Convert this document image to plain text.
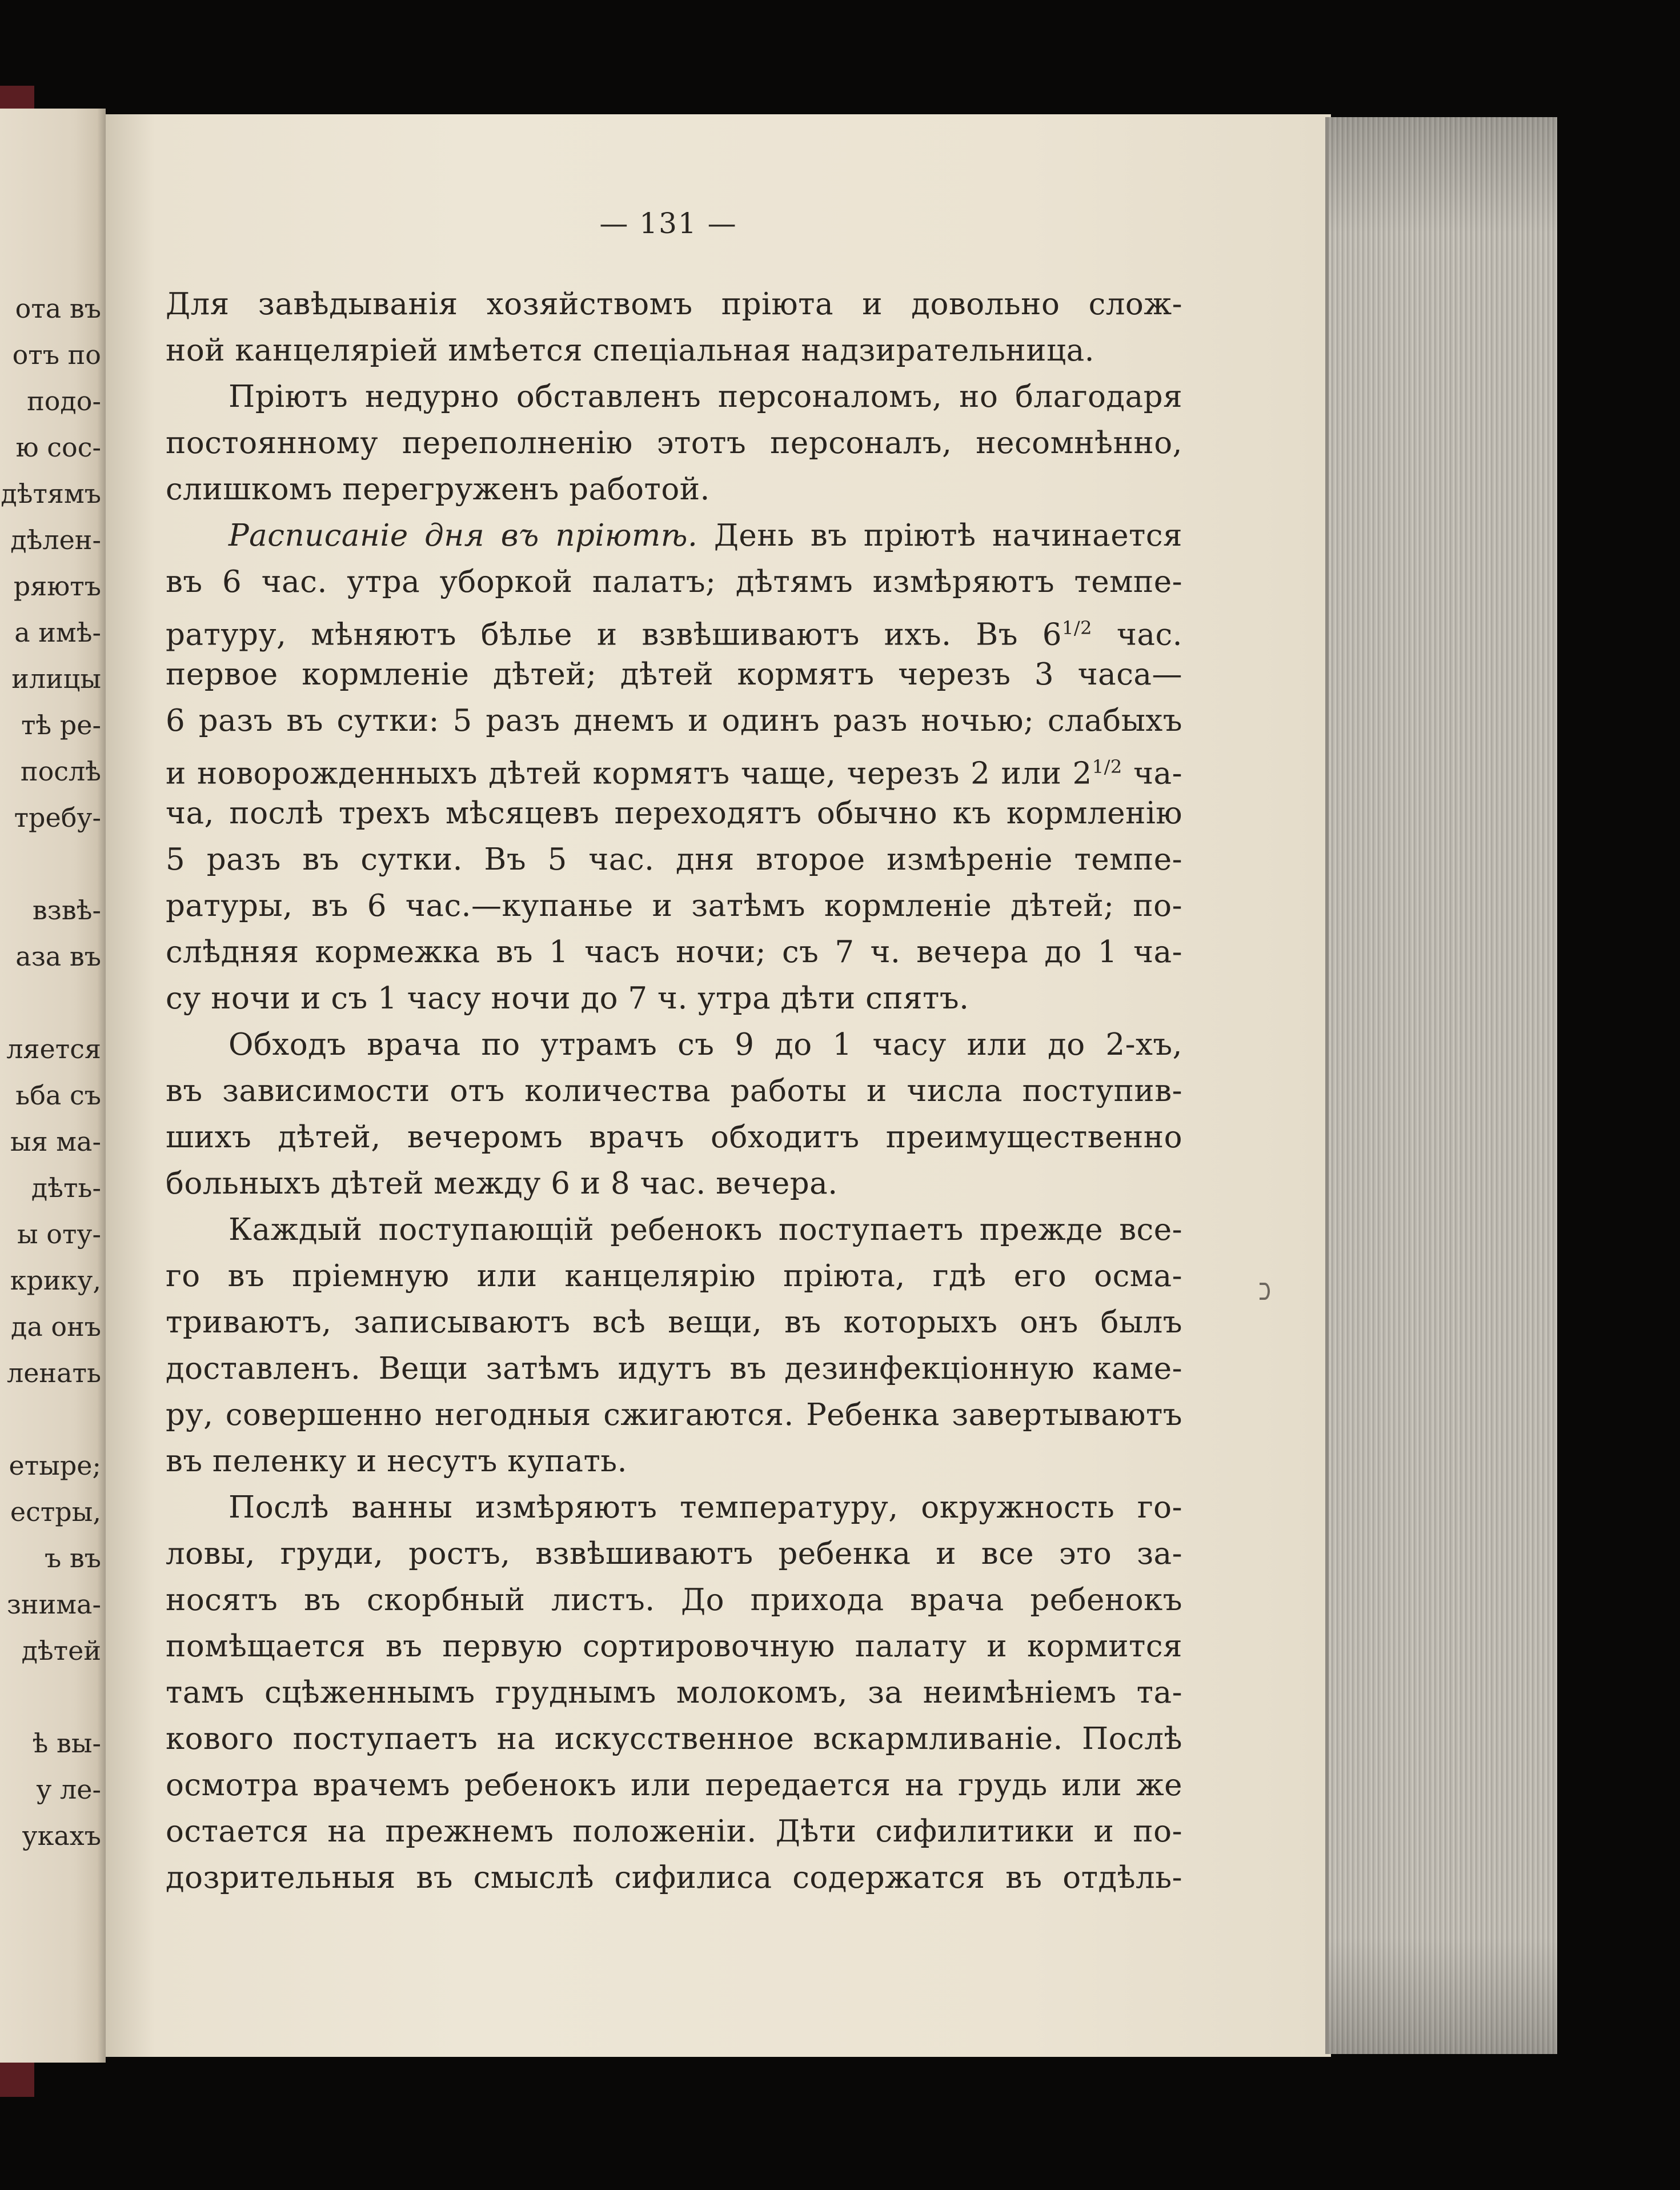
ота въ
отъ по
подо-
ю сос-
дѣтямъ
дѣлен-
ряютъ
а имѣ-
илицы
тѣ ре-
послѣ
требу-
взвѣ-
аза въ
ляется
ьба съ
ыя ма-
дѣть-
ы оту-
крику,
да онъ
ленать
етыре;
естры,
ъ въ
знима-
дѣтей
ѣ вы-
у ле-
укахъ
— 131 —
Для завѣдыванія хозяйствомъ пріюта и довольно слож-
ной канцеляріей имѣется спеціальная надзирательница.
Пріютъ недурно обставленъ персоналомъ, но благодаря
постоянному переполненію этотъ персоналъ, несомнѣнно,
слишкомъ перегруженъ работой.
Расписаніе дня въ пріютѣ. День въ пріютѣ начинается
въ 6 час. утра уборкой палатъ; дѣтямъ измѣряютъ темпе-
ратуру, мѣняютъ бѣлье и взвѣшиваютъ ихъ. Въ $6^{1/2}$ час.
первое кормленіе дѣтей; дѣтей кормятъ черезъ 3 часа—
6 разъ въ сутки: 5 разъ днемъ и одинъ разъ ночью; слабыхъ
и новорожденныхъ дѣтей кормятъ чаще, черезъ 2 или $2^{1/2}$ ча-
ча, послѣ трехъ мѣсяцевъ переходятъ обычно къ кормленію
5 разъ въ сутки. Въ 5 час. дня второе измѣреніе темпе-
ратуры, въ 6 час.—купанье и затѣмъ кормленіе дѣтей; по-
слѣдняя кормежка въ 1 часъ ночи; съ 7 ч. вечера до 1 ча-
су ночи и съ 1 часу ночи до 7 ч. утра дѣти спятъ.
Обходъ врача по утрамъ съ 9 до 1 часу или до 2-хъ,
въ зависимости отъ количества работы и числа поступив-
шихъ дѣтей, вечеромъ врачъ обходитъ преимущественно
больныхъ дѣтей между 6 и 8 час. вечера.
Каждый поступающій ребенокъ поступаетъ прежде все-
го въ пріемную или канцелярію пріюта, гдѣ его осма-
триваютъ, записываютъ всѣ вещи, въ которыхъ онъ былъ
доставленъ. Вещи затѣмъ идутъ въ дезинфекціонную каме-
ру, совершенно негодныя сжигаются. Ребенка завертываютъ
въ пеленку и несутъ купать.
Послѣ ванны измѣряютъ температуру, окружность го-
ловы, груди, ростъ, взвѣшиваютъ ребенка и все это за-
носятъ въ скорбный листъ. До прихода врача ребенокъ
помѣщается въ первую сортировочную палату и кормится
тамъ сцѣженнымъ груднымъ молокомъ, за неимѣніемъ та-
кового поступаетъ на искусственное вскармливаніе. Послѣ
осмотра врачемъ ребенокъ или передается на грудь или же
остается на прежнемъ положеніи. Дѣти сифилитики и по-
дозрительныя въ смыслѣ сифилиса содержатся въ отдѣль-
